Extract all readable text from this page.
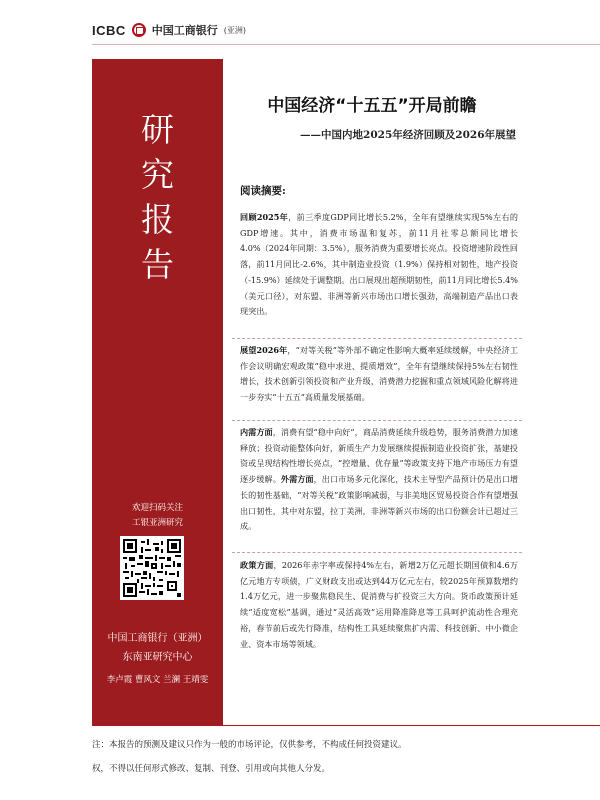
ICBC 中国工商银行 (亚洲)
研
究
报
告
欢迎扫码关注
工银亚洲研究
中国工商银行（亚洲）
东南亚研究中心
李卢霞 曹风文 兰澜 王靖雯
中国经济“十五五”开局前瞻
——中国内地2025年经济回顾及2026年展望
阅读摘要:
回顾2025年，前三季度GDP同比增长5.2%，全年有望继续实现5%左右的GDP增速。其中，消费市场温和复苏，前11月社零总额同比增长4.0%（2024年同期：3.5%），服务消费为重要增长亮点。投资增速阶段性回落，前11月同比-2.6%，其中制造业投资（1.9%）保持相对韧性，地产投资（-15.9%）延续处于调整期。出口展现出超预期韧性，前11月同比增长5.4%（美元口径），对东盟、非洲等新兴市场出口增长强劲，高端制造产品出口表现突出。
展望2026年，“对等关税”等外部不确定性影响大概率延续缓解，中央经济工作会议明确宏观政策“稳中求进、提质增效”，全年有望继续保持5%左右韧性增长，技术创新引领投资和产业升级，消费潜力挖掘和重点领域风险化解将进一步夯实“十五五”高质量发展基础。
内需方面，消费有望“稳中向好”，商品消费延续升级趋势，服务消费潜力加速释放；投资动能整体向好，新质生产力发展继续提振制造业投资扩张，基建投资或呈现结构性增长亮点，“控增量、优存量”等政策支持下地产市场压力有望逐步缓解。外需方面，出口市场多元化深化，技术主导型产品预计仍是出口增长的韧性基础，“对等关税”政策影响减弱，与非美地区贸易投资合作有望增强出口韧性，其中对东盟，拉丁美洲，非洲等新兴市场的出口份额会计已超过三成。
政策方面，2026年赤字率或保持4%左右，新增2万亿元超长期国债和4.6万亿元地方专项债，广义财政支出或达到44万亿元左右，较2025年预算数增约1.4万亿元，进一步聚焦稳民生、促消费与扩投资三大方向。货币政策预计延续“适度宽松”基调，通过“灵活高效”运用降准降息等工具呵护流动性合理充裕，春节前后或先行降准，结构性工具延续聚焦扩内需、科技创新、中小微企业、资本市场等领域。
注：本报告的预测及建议只作为一般的市场评论，仅供参考，不构成任何投资建议。
权，不得以任何形式修改、复制、刊登、引用或向其他人分发。
